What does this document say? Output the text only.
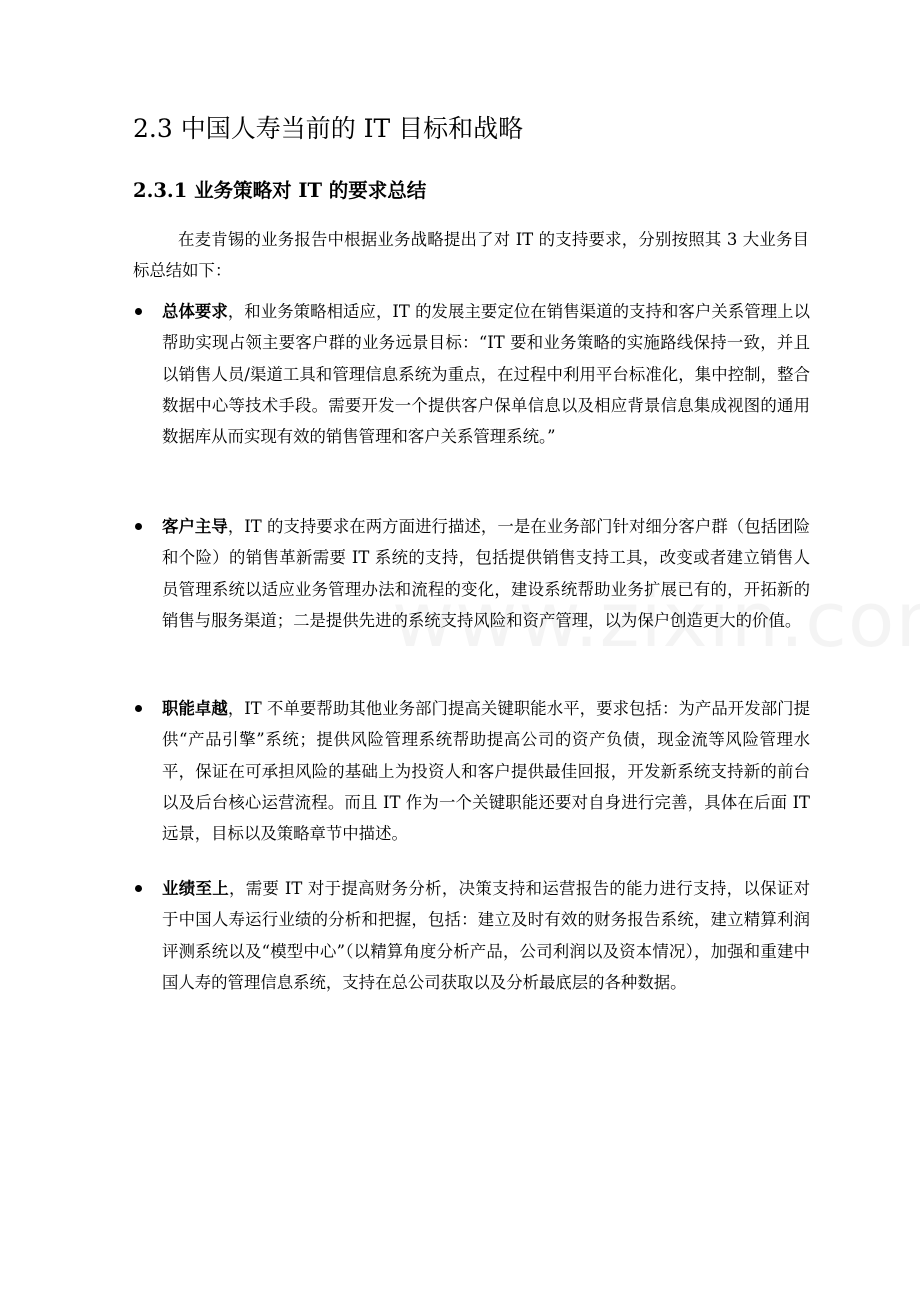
2.3 中国人寿当前的 IT 目标和战略
2.3.1 业务策略对 IT 的要求总结
在麦肯锡的业务报告中根据业务战略提出了对 IT 的支持要求，分别按照其 3 大业务目标总结如下：
总体要求，和业务策略相适应，IT 的发展主要定位在销售渠道的支持和客户关系管理上以帮助实现占领主要客户群的业务远景目标：“IT 要和业务策略的实施路线保持一致，并且以销售人员/渠道工具和管理信息系统为重点，在过程中利用平台标准化，集中控制，整合数据中心等技术手段。需要开发一个提供客户保单信息以及相应背景信息集成视图的通用数据库从而实现有效的销售管理和客户关系管理系统。”
客户主导，IT 的支持要求在两方面进行描述，一是在业务部门针对细分客户群（包括团险和个险）的销售革新需要 IT 系统的支持，包括提供销售支持工具，改变或者建立销售人员管理系统以适应业务管理办法和流程的变化，建设系统帮助业务扩展已有的，开拓新的销售与服务渠道；二是提供先进的系统支持风险和资产管理，以为保户创造更大的价值。
职能卓越，IT 不单要帮助其他业务部门提高关键职能水平，要求包括：为产品开发部门提供“产品引擎”系统；提供风险管理系统帮助提高公司的资产负债，现金流等风险管理水平，保证在可承担风险的基础上为投资人和客户提供最佳回报，开发新系统支持新的前台以及后台核心运营流程。而且 IT 作为一个关键职能还要对自身进行完善，具体在后面 IT 远景，目标以及策略章节中描述。
业绩至上，需要 IT 对于提高财务分析，决策支持和运营报告的能力进行支持，以保证对于中国人寿运行业绩的分析和把握，包括：建立及时有效的财务报告系统，建立精算利润评测系统以及“模型中心”（以精算角度分析产品，公司利润以及资本情况），加强和重建中国人寿的管理信息系统，支持在总公司获取以及分析最底层的各种数据。
